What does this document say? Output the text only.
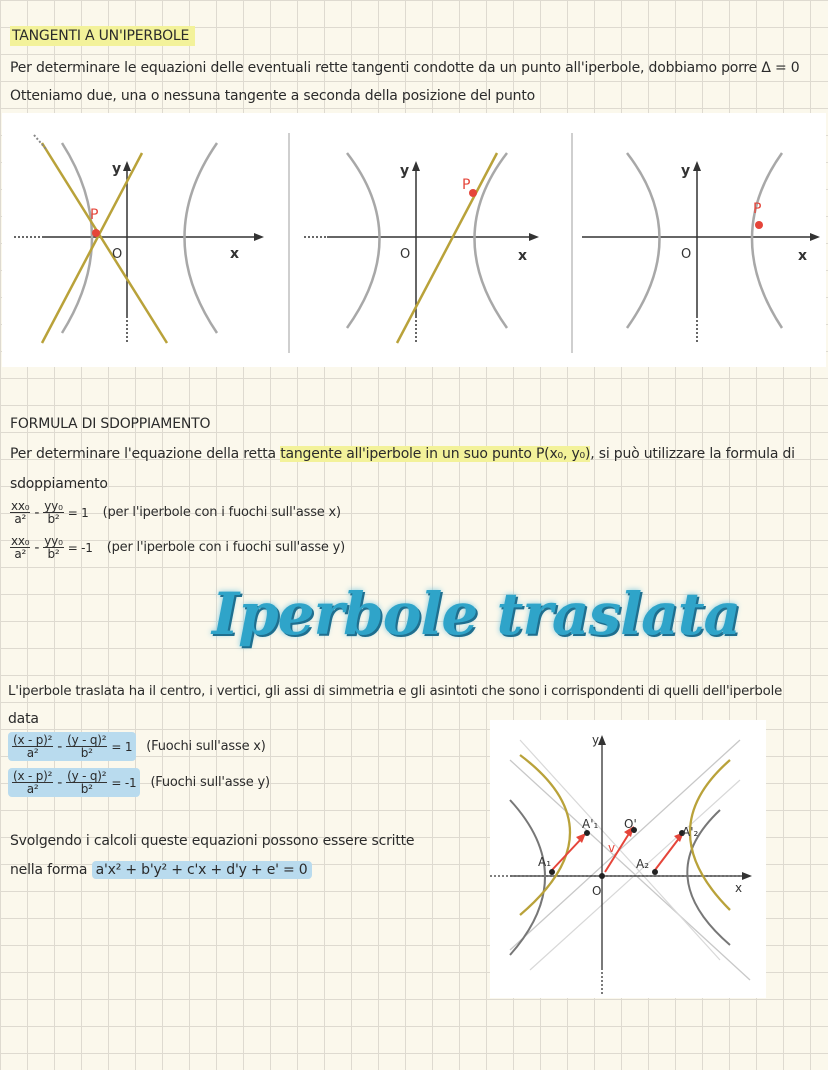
TANGENTI A UN'IPERBOLE
Per determinare le equazioni delle eventuali rette tangenti condotte da un punto all'iperbole, dobbiamo porre Δ = 0
Otteniamo due, una o nessuna tangente a seconda della posizione del punto
P
y
x
O
P
y
x
O
P
y
x
O
FORMULA DI SDOPPIAMENTO
Per determinare l'equazione della retta tangente all'iperbole in un suo punto P(x₀, y₀), si può utilizzare la formula di
sdoppiamento
$\frac{\text{xx₀}}{\text{a²}} - \frac{\text{yy₀}}{\text{b²}} = 1$ (per l'iperbole con i fuochi sull'asse x)
$\frac{\text{xx₀}}{\text{a²}} - \frac{\text{yy₀}}{\text{b²}} = -1$ (per l'iperbole con i fuochi sull'asse y)
Iperbole traslata
L'iperbole traslata ha il centro, i vertici, gli assi di simmetria e gli asintoti che sono i corrispondenti di quelli dell'iperbole
data
$\frac{\text{(x - p)²}}{\text{a²}} - \frac{\text{(y - q)²}}{\text{b²}} = 1$ (Fuochi sull'asse x)
$\frac{\text{(x - p)²}}{\text{a²}} - \frac{\text{(y - q)²}}{\text{b²}} = -1$ (Fuochi sull'asse y)
Svolgendo i calcoli queste equazioni possono essere scritte
nella forma a'x² + b'y² + c'x + d'y + e' = 0
y
x
O
O'
v
A₁	A₂
A'₁
A'₂
